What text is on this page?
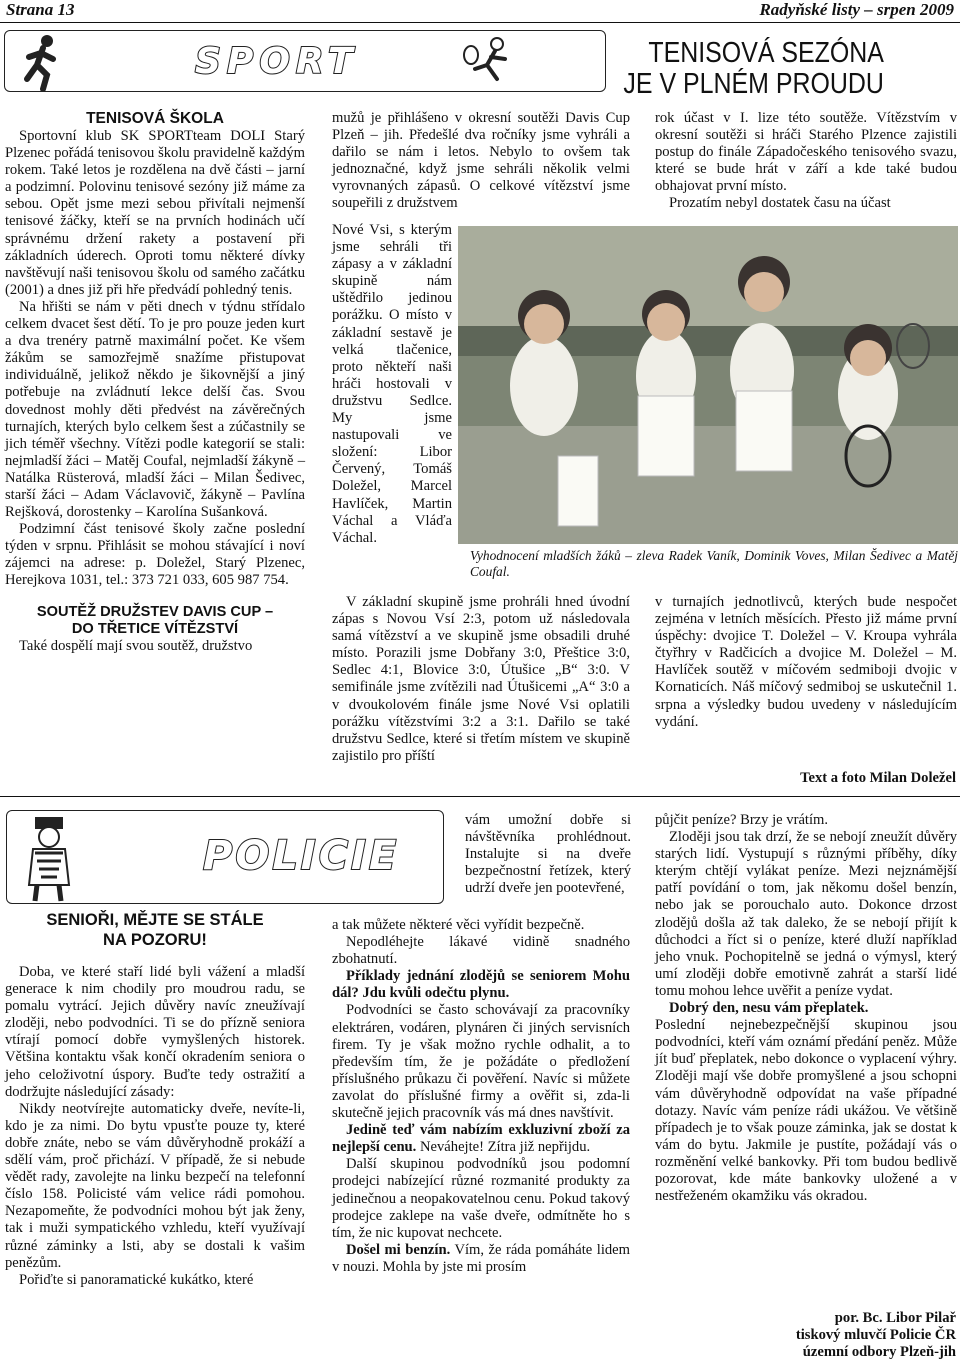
Strana 13	Radyňské listy – srpen 2009
SPORT	TENISOVÁ SEZÓNA
JE V PLNÉM PROUDU
TENISOVÁ ŠKOLA

Sportovní klub SK SPORTteam DOLI Starý Plzenec pořádá tenisovou školu pravidelně každým rokem. Také letos je rozdělena na dvě části – jarní a podzimní. Polovinu tenisové sezóny již máme za sebou. Opět jsme mezi sebou přivítali nejmenší tenisové žáčky, kteří se na prvních hodinách učí správnému držení rakety a postavení při základních úderech. Oproti tomu některé dívky navštěvují naši tenisovou školu od samého začátku (2001) a dnes již při hře předvádí pohledný tenis.

Na hřišti se nám v pěti dnech v týdnu střídalo celkem dvacet šest dětí. To je pro pouze jeden kurt a dva trenéry patrně maximální počet. Ke všem žákům se samozřejmě snažíme přistupovat individuálně, jelikož někdo je šikovnější a jiný potřebuje na zvládnutí lekce delší čas. Svou dovednost mohly děti předvést na závěrečných turnajích, kterých bylo celkem šest a zúčastnily se jich téměř všechny. Vítězi podle kategorií se stali: nejmladší žáci – Matěj Coufal, nejmladší žákyně – Natálka Rüsterová, mladší žáci – Milan Šedivec, starší žáci – Adam Václavovič, žákyně – Pavlína Rejšková, dorostenky – Karolína Sušanková.

Podzimní část tenisové školy začne poslední týden v srpnu. Přihlásit se mohou stávající i noví zájemci na adrese: p. Doležel, Starý Plzenec, Herejkova 1031, tel.: 373 721 033, 605 987 754.

SOUTĚŽ DRUŽSTEV DAVIS CUP –
DO TŘETICE VÍTĚZSTVÍ

Také dospělí mají svou soutěž, družstvo

mužů je přihlášeno v okresní soutěži Davis Cup Plzeň – jih. Předešlé dva ročníky jsme vyhráli a dařilo se nám i letos. Nebylo to ovšem tak jednoznačné, když jsme sehráli několik velmi vyrovnaných zápasů. O celkové vítězství jsme soupeřili z družstvem

Nové Vsi, s kterým jsme sehráli tři zápasy a v základní skupině nám uštědřilo jedinou porážku. O místo v základní sestavě je velká tlačenice, proto někteří naši hráči hostovali v družstvu Sedlce. My jsme nastupovali ve složení: Libor Červený, Tomáš Doležel, Marcel Havlíček, Martin Váchal a Vláďa Váchal.

V základní skupině jsme prohráli hned úvodní zápas s Novou Vsí 2:3, potom už následovala samá vítězství a ve skupině jsme obsadili druhé místo. Porazili jsme Dobřany 3:0, Přeštice 3:0, Sedlec 4:1, Blovice 3:0, Útušice „B“ 3:0. V semifinále jsme zvítězili nad Útušicemi „A“ 3:0 a v dvoukolovém finále jsme Nové Vsi oplatili porážku vítězstvími 3:2 a 3:1. Dařilo se také družstvu Sedlce, které si třetím místem ve skupině zajistilo pro příští

rok účast v I. lize této soutěže. Vítězstvím v okresní soutěži si hráči Starého Plzence zajistili postup do finále Západočeského tenisového svazu, které se bude hrát v září a kde také budou obhajovat první místo.

Prozatím nebyl dostatek času na účast

Vyhodnocení mladších žáků – zleva Radek Vaník, Dominik Voves, Milan Šedivec a Matěj Coufal.

v turnajích jednotlivců, kterých bude nespočet zejména v letních měsících. Přesto již máme první úspěchy: dvojice T. Doležel – V. Kroupa vyhrála čtyřhry v Radčicích a dvojice M. Doležel – M. Havlíček soutěž v míčovém sedmiboji dvojic v Kornaticích. Náš míčový sedmiboj se uskutečnil 1. srpna a výsledky budou uvedeny v následujícím vydání.

Text a foto Milan Doležel
POLICIE
SENIOŘI, MĚJTE SE STÁLE
NA POZORU!

Doba, ve které staří lidé byli vážení a mladší generace k nim chodily pro moudrou radu, se pomalu vytrácí. Jejich důvěry navíc zneužívají zloději, nebo podvodníci. Ti se do přízně seniora vtírají pomocí dobře vymyšlených historek. Většina kontaktu však končí okradením seniora o jeho celoživotní úspory. Buďte tedy ostražití a dodržujte následující zásady:

Nikdy neotvírejte automaticky dveře, nevíte-li, kdo je za nimi. Do bytu vpusťte pouze ty, které dobře znáte, nebo se vám důvěryhodně prokáží a sdělí vám, proč přichází. V případě, že si nebude vědět rady, zavolejte na linku bezpečí na telefonní číslo 158. Policisté vám velice rádi pomohou. Nezapomeňte, že podvodníci mohou být jak ženy, tak i muži sympatického vzhledu, kteří využívají různé záminky a lsti, aby se dostali k vašim penězům.

Pořiďte si panoramatické kukátko, které

vám umožní dobře si návštěvníka prohlédnout. Instalujte si na dveře bezpečnostní řetízek, který udrží dveře jen pootevřené,

a tak můžete některé věci vyřídit bezpečně.

Nepodléhejte lákavé vidině snadného zbohatnutí.

Příklady jednání zlodějů se seniorem Mohu dál? Jdu kvůli odečtu plynu.

Podvodníci se často schovávají za pracovníky elektráren, vodáren, plynáren či jiných servisních firem. Ty je však možno rychle odhalit, a to především tím, že je požádáte o předložení příslušného průkazu či pověření. Navíc si můžete zavolat do příslušné firmy a ověřit si, zda-li skutečně jejich pracovník vás má dnes navštívit.

Jedině teď vám nabízím exkluzivní zboží za nejlepší cenu. Neváhejte! Zítra již nepřijdu.

Další skupinou podvodníků jsou podomní prodejci nabízející různé rozmanité produkty za jedinečnou a neopakovatelnou cenu. Pokud takový prodejce zaklepe na vaše dveře, odmítněte ho s tím, že nic kupovat nechcete.

Došel mi benzín. Vím, že ráda pomáháte lidem v nouzi. Mohla by jste mi prosím

půjčit peníze? Brzy je vrátím.

Zloději jsou tak drzí, že se nebojí zneužít důvěry starých lidí. Vystupují s různými příběhy, díky kterým chtějí vylákat peníze. Mezi nejznámější patří povídání o tom, jak někomu došel benzín, nebo jak se porouchalo auto. Dokonce drzost zlodějů došla až tak daleko, že se nebojí přijít k důchodci a říct si o peníze, které dluží například jeho vnuk. Pochopitelně se jedná o výmysl, který umí zloději dobře emotivně zahrát a starší lidé tomu mohou lehce uvěřit a peníze vydat.

Dobrý den, nesu vám přeplatek.

Poslední nejnebezpečnější skupinou jsou podvodníci, kteří vám oznámí předání peněz. Může jít buď přeplatek, nebo dokonce o vyplacení výhry. Zloději mají vše dobře promyšlené a jsou schopni vám důvěryhodně odpovídat na vaše případné dotazy. Navíc vám peníze rádi ukážou. Ve většině případech je to však pouze záminka, jak se dostat k vám do bytu. Jakmile je pustíte, požádají vás o rozměnění velké bankovky. Při tom budou bedlivě pozorovat, kde máte bankovky uložené a v nestřeženém okamžiku vás okradou.

por. Bc. Libor Pilař
tiskový mluvčí Policie ČR
územní odbory Plzeň-jih
